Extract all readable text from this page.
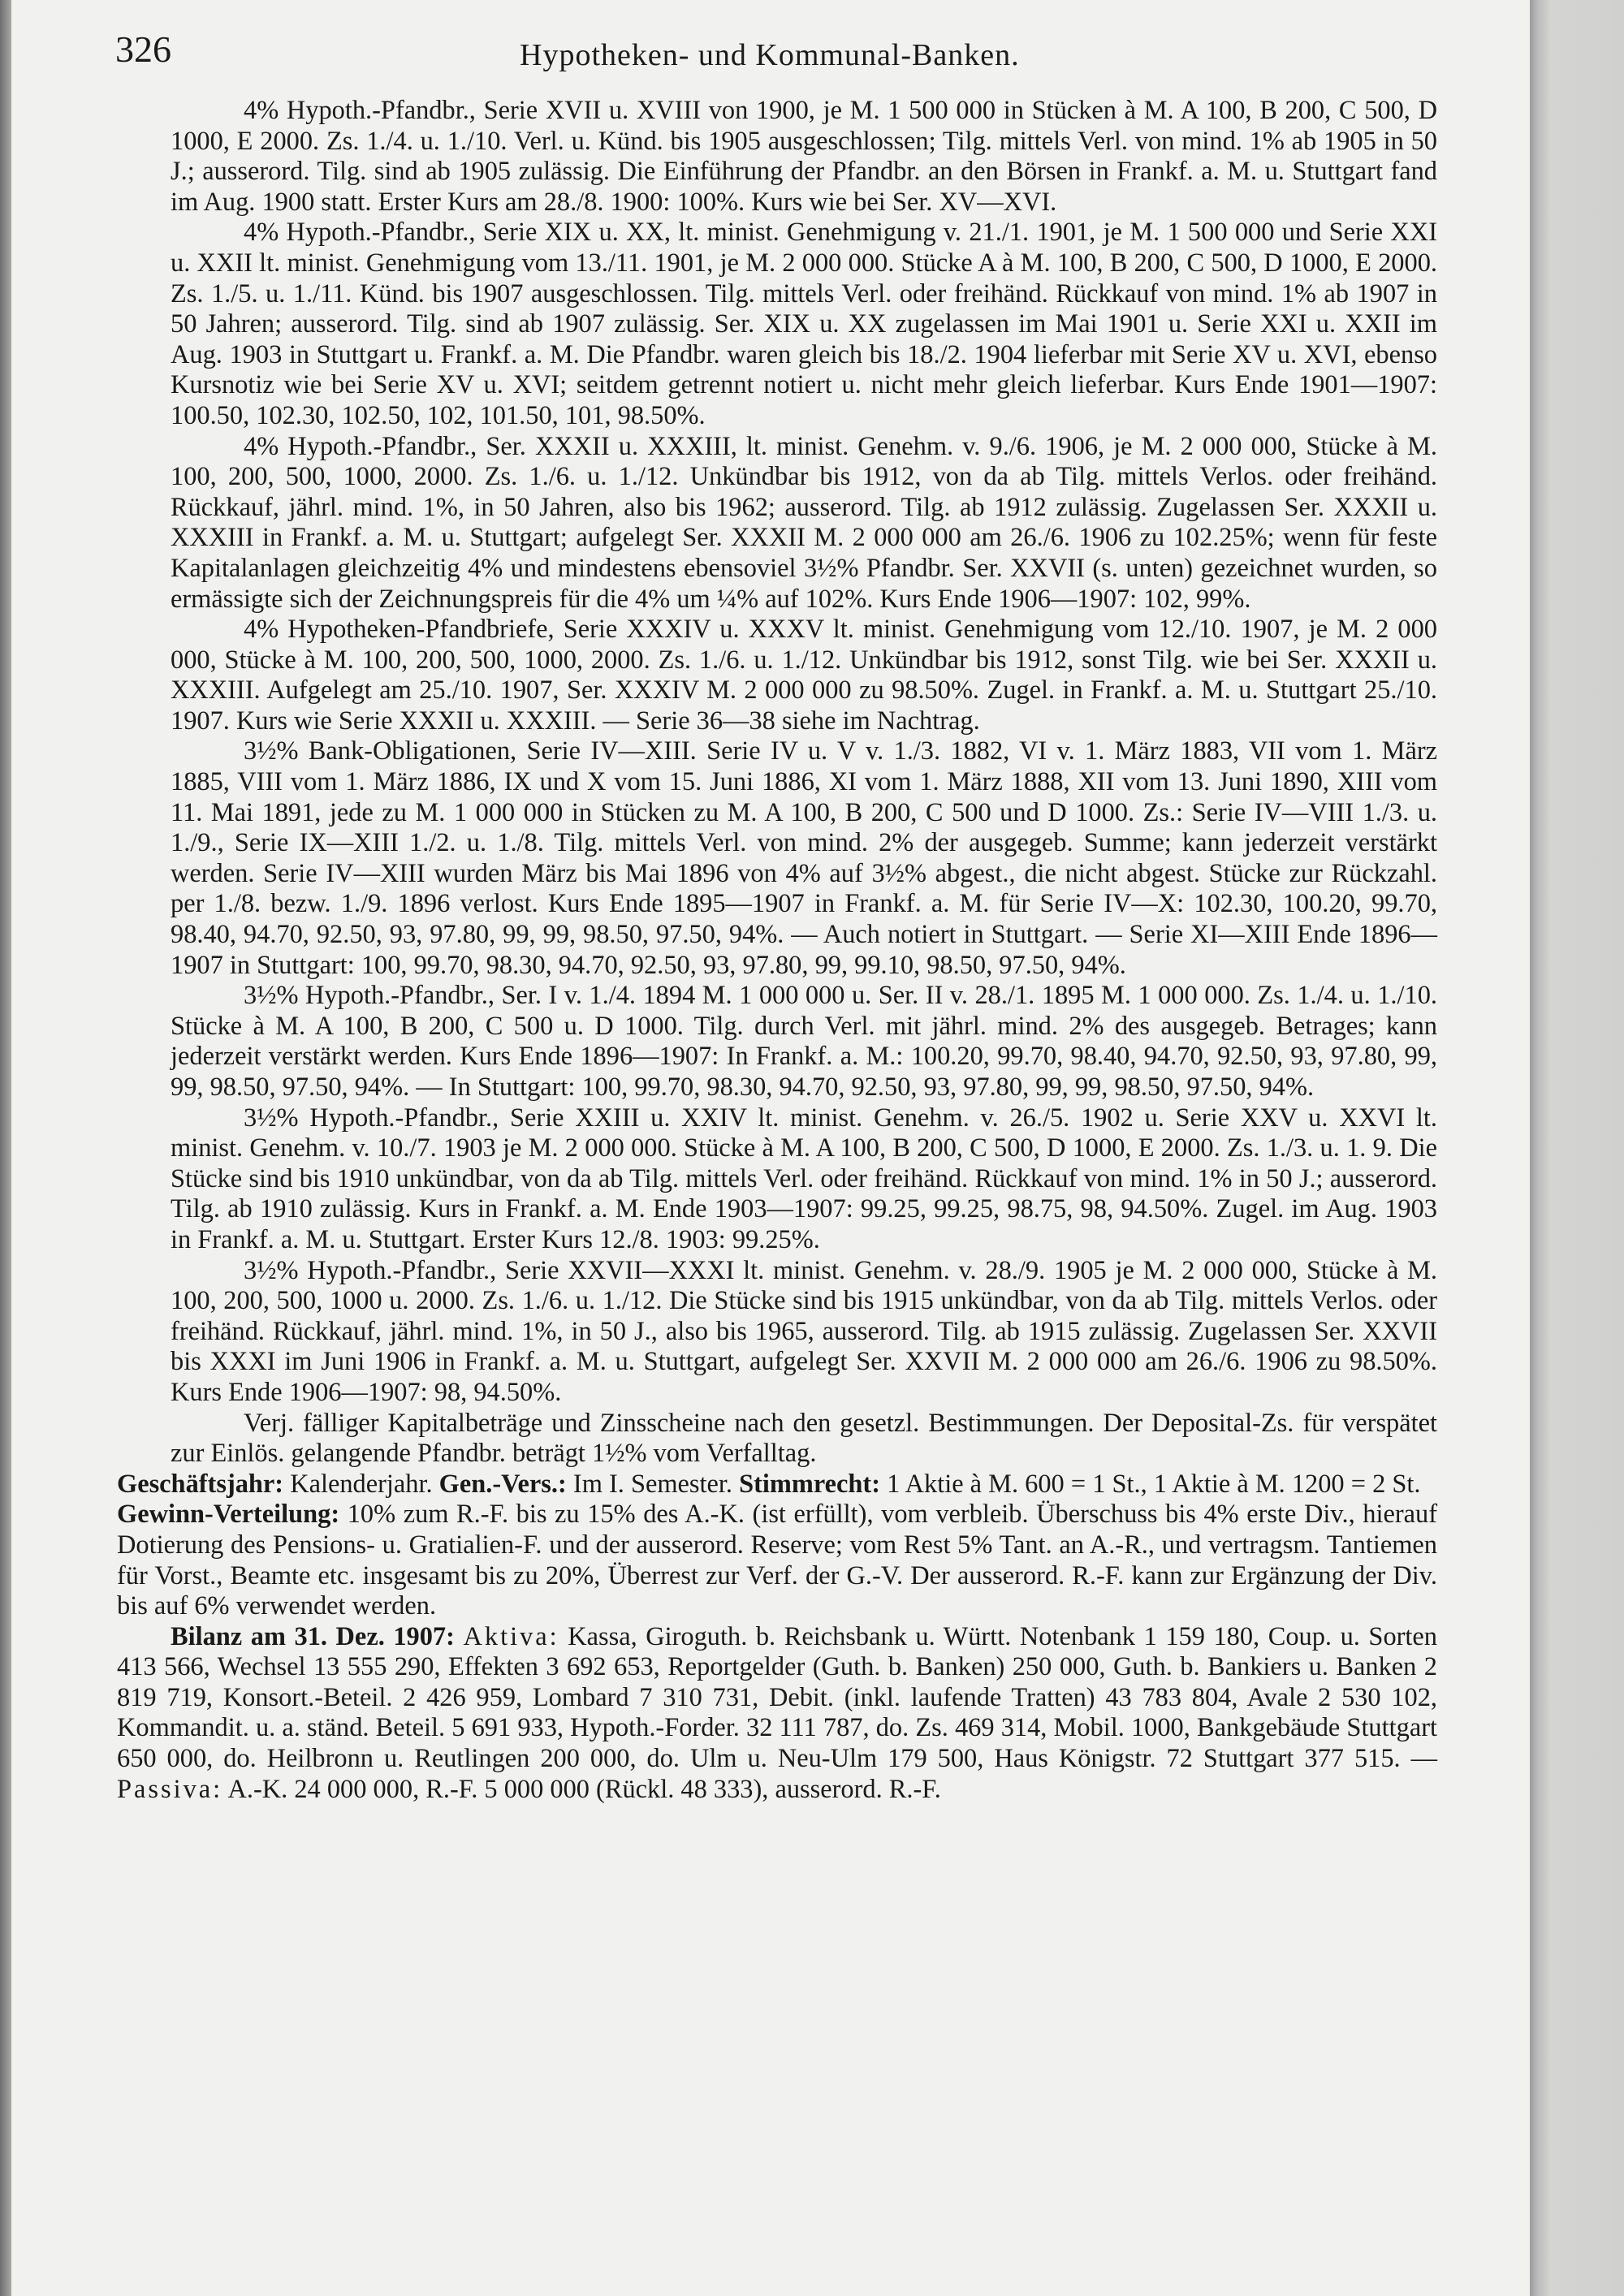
326	Hypotheken- und Kommunal-Banken.

4% Hypoth.-Pfandbr., Serie XVII u. XVIII von 1900, je M. 1 500 000 in Stücken à M. A 100, B 200, C 500, D 1000, E 2000. Zs. 1./4. u. 1./10. Verl. u. Künd. bis 1905 ausgeschlossen; Tilg. mittels Verl. von mind. 1% ab 1905 in 50 J.; ausserord. Tilg. sind ab 1905 zulässig. Die Einführung der Pfandbr. an den Börsen in Frankf. a. M. u. Stuttgart fand im Aug. 1900 statt. Erster Kurs am 28./8. 1900: 100%. Kurs wie bei Ser. XV—XVI.

4% Hypoth.-Pfandbr., Serie XIX u. XX, lt. minist. Genehmigung v. 21./1. 1901, je M. 1 500 000 und Serie XXI u. XXII lt. minist. Genehmigung vom 13./11. 1901, je M. 2 000 000. Stücke A à M. 100, B 200, C 500, D 1000, E 2000. Zs. 1./5. u. 1./11. Künd. bis 1907 ausgeschlossen. Tilg. mittels Verl. oder freihänd. Rückkauf von mind. 1% ab 1907 in 50 Jahren; ausserord. Tilg. sind ab 1907 zulässig. Ser. XIX u. XX zugelassen im Mai 1901 u. Serie XXI u. XXII im Aug. 1903 in Stuttgart u. Frankf. a. M. Die Pfandbr. waren gleich bis 18./2. 1904 lieferbar mit Serie XV u. XVI, ebenso Kursnotiz wie bei Serie XV u. XVI; seitdem getrennt notiert u. nicht mehr gleich lieferbar. Kurs Ende 1901—1907: 100.50, 102.30, 102.50, 102, 101.50, 101, 98.50%.

4% Hypoth.-Pfandbr., Ser. XXXII u. XXXIII, lt. minist. Genehm. v. 9./6. 1906, je M. 2 000 000, Stücke à M. 100, 200, 500, 1000, 2000. Zs. 1./6. u. 1./12. Unkündbar bis 1912, von da ab Tilg. mittels Verlos. oder freihänd. Rückkauf, jährl. mind. 1%, in 50 Jahren, also bis 1962; ausserord. Tilg. ab 1912 zulässig. Zugelassen Ser. XXXII u. XXXIII in Frankf. a. M. u. Stuttgart; aufgelegt Ser. XXXII M. 2 000 000 am 26./6. 1906 zu 102.25%; wenn für feste Kapitalanlagen gleichzeitig 4% und mindestens ebensoviel 3½% Pfandbr. Ser. XXVII (s. unten) gezeichnet wurden, so ermässigte sich der Zeichnungspreis für die 4% um ¼% auf 102%. Kurs Ende 1906—1907: 102, 99%.

4% Hypotheken-Pfandbriefe, Serie XXXIV u. XXXV lt. minist. Genehmigung vom 12./10. 1907, je M. 2 000 000, Stücke à M. 100, 200, 500, 1000, 2000. Zs. 1./6. u. 1./12. Unkündbar bis 1912, sonst Tilg. wie bei Ser. XXXII u. XXXIII. Aufgelegt am 25./10. 1907, Ser. XXXIV M. 2 000 000 zu 98.50%. Zugel. in Frankf. a. M. u. Stuttgart 25./10. 1907. Kurs wie Serie XXXII u. XXXIII. — Serie 36—38 siehe im Nachtrag.

3½% Bank-Obligationen, Serie IV—XIII. Serie IV u. V v. 1./3. 1882, VI v. 1. März 1883, VII vom 1. März 1885, VIII vom 1. März 1886, IX und X vom 15. Juni 1886, XI vom 1. März 1888, XII vom 13. Juni 1890, XIII vom 11. Mai 1891, jede zu M. 1 000 000 in Stücken zu M. A 100, B 200, C 500 und D 1000. Zs.: Serie IV—VIII 1./3. u. 1./9., Serie IX—XIII 1./2. u. 1./8. Tilg. mittels Verl. von mind. 2% der ausgegeb. Summe; kann jederzeit verstärkt werden. Serie IV—XIII wurden März bis Mai 1896 von 4% auf 3½% abgest., die nicht abgest. Stücke zur Rückzahl. per 1./8. bezw. 1./9. 1896 verlost. Kurs Ende 1895—1907 in Frankf. a. M. für Serie IV—X: 102.30, 100.20, 99.70, 98.40, 94.70, 92.50, 93, 97.80, 99, 99, 98.50, 97.50, 94%. — Auch notiert in Stuttgart. — Serie XI—XIII Ende 1896—1907 in Stuttgart: 100, 99.70, 98.30, 94.70, 92.50, 93, 97.80, 99, 99.10, 98.50, 97.50, 94%.

3½% Hypoth.-Pfandbr., Ser. I v. 1./4. 1894 M. 1 000 000 u. Ser. II v. 28./1. 1895 M. 1 000 000. Zs. 1./4. u. 1./10. Stücke à M. A 100, B 200, C 500 u. D 1000. Tilg. durch Verl. mit jährl. mind. 2% des ausgegeb. Betrages; kann jederzeit verstärkt werden. Kurs Ende 1896—1907: In Frankf. a. M.: 100.20, 99.70, 98.40, 94.70, 92.50, 93, 97.80, 99, 99, 98.50, 97.50, 94%. — In Stuttgart: 100, 99.70, 98.30, 94.70, 92.50, 93, 97.80, 99, 99, 98.50, 97.50, 94%.

3½% Hypoth.-Pfandbr., Serie XXIII u. XXIV lt. minist. Genehm. v. 26./5. 1902 u. Serie XXV u. XXVI lt. minist. Genehm. v. 10./7. 1903 je M. 2 000 000. Stücke à M. A 100, B 200, C 500, D 1000, E 2000. Zs. 1./3. u. 1. 9. Die Stücke sind bis 1910 unkündbar, von da ab Tilg. mittels Verl. oder freihänd. Rückkauf von mind. 1% in 50 J.; ausserord. Tilg. ab 1910 zulässig. Kurs in Frankf. a. M. Ende 1903—1907: 99.25, 99.25, 98.75, 98, 94.50%. Zugel. im Aug. 1903 in Frankf. a. M. u. Stuttgart. Erster Kurs 12./8. 1903: 99.25%.

3½% Hypoth.-Pfandbr., Serie XXVII—XXXI lt. minist. Genehm. v. 28./9. 1905 je M. 2 000 000, Stücke à M. 100, 200, 500, 1000 u. 2000. Zs. 1./6. u. 1./12. Die Stücke sind bis 1915 unkündbar, von da ab Tilg. mittels Verlos. oder freihänd. Rückkauf, jährl. mind. 1%, in 50 J., also bis 1965, ausserord. Tilg. ab 1915 zulässig. Zugelassen Ser. XXVII bis XXXI im Juni 1906 in Frankf. a. M. u. Stuttgart, aufgelegt Ser. XXVII M. 2 000 000 am 26./6. 1906 zu 98.50%. Kurs Ende 1906—1907: 98, 94.50%.

Verj. fälliger Kapitalbeträge und Zinsscheine nach den gesetzl. Bestimmungen. Der Deposital-Zs. für verspätet zur Einlös. gelangende Pfandbr. beträgt 1½% vom Verfalltag.

Geschäftsjahr: Kalenderjahr. Gen.-Vers.: Im I. Semester. Stimmrecht: 1 Aktie à M. 600 = 1 St., 1 Aktie à M. 1200 = 2 St.

Gewinn-Verteilung: 10% zum R.-F. bis zu 15% des A.-K. (ist erfüllt), vom verbleib. Überschuss bis 4% erste Div., hierauf Dotierung des Pensions- u. Gratialien-F. und der ausserord. Reserve; vom Rest 5% Tant. an A.-R., und vertragsm. Tantiemen für Vorst., Beamte etc. insgesamt bis zu 20%, Überrest zur Verf. der G.-V. Der ausserord. R.-F. kann zur Ergänzung der Div. bis auf 6% verwendet werden.

Bilanz am 31. Dez. 1907: Aktiva: Kassa, Giroguth. b. Reichsbank u. Württ. Notenbank 1 159 180, Coup. u. Sorten 413 566, Wechsel 13 555 290, Effekten 3 692 653, Reportgelder (Guth. b. Banken) 250 000, Guth. b. Bankiers u. Banken 2 819 719, Konsort.-Beteil. 2 426 959, Lombard 7 310 731, Debit. (inkl. laufende Tratten) 43 783 804, Avale 2 530 102, Kommandit. u. a. ständ. Beteil. 5 691 933, Hypoth.-Forder. 32 111 787, do. Zs. 469 314, Mobil. 1000, Bankgebäude Stuttgart 650 000, do. Heilbronn u. Reutlingen 200 000, do. Ulm u. Neu-Ulm 179 500, Haus Königstr. 72 Stuttgart 377 515. — Passiva: A.-K. 24 000 000, R.-F. 5 000 000 (Rückl. 48 333), ausserord. R.-F.
